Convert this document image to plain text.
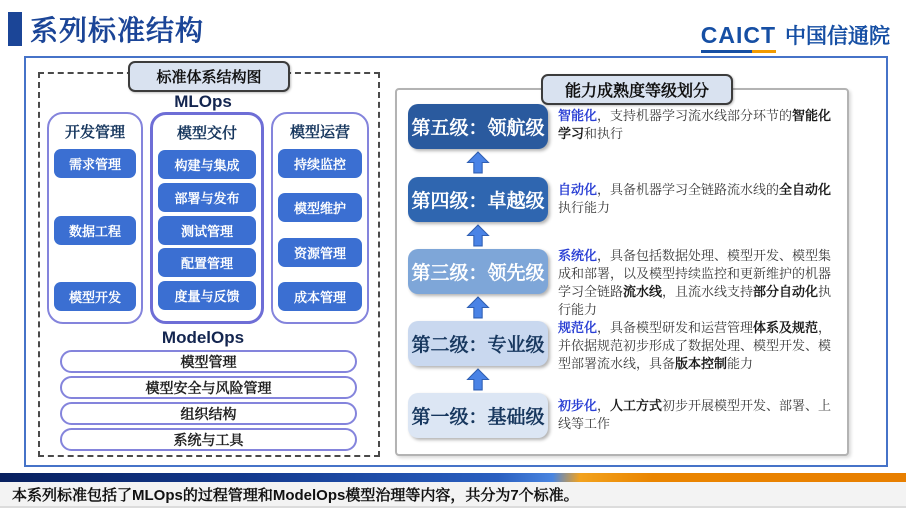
系列标准结构	CAICT 中国信通院
标准体系结构图
MLOps
开发管理
需求管理
数据工程
模型开发
模型交付
构建与集成
部署与发布
测试管理
配置管理
度量与反馈
模型运营
持续监控
模型维护
资源管理
成本管理
ModelOps
模型管理
模型安全与风险管理
组织结构
系统与工具
能力成熟度等级划分
第五级：领航级
第四级：卓越级
第三级：领先级
第二级：专业级
第一级：基础级
智能化，支持机器学习流水线部分环节的智能化学习和执行
自动化，具备机器学习全链路流水线的全自动化执行能力
系统化，具备包括数据处理、模型开发、模型集成和部署，以及模型持续监控和更新维护的机器学习全链路流水线，且流水线支持部分自动化执行能力
规范化，具备模型研发和运营管理体系及规范，并依据规范初步形成了数据处理、模型开发、模型部署流水线，具备版本控制能力
初步化，人工方式初步开展模型开发、部署、上线等工作
本系列标准包括了MLOps的过程管理和ModelOps模型治理等内容，共分为7个标准。
